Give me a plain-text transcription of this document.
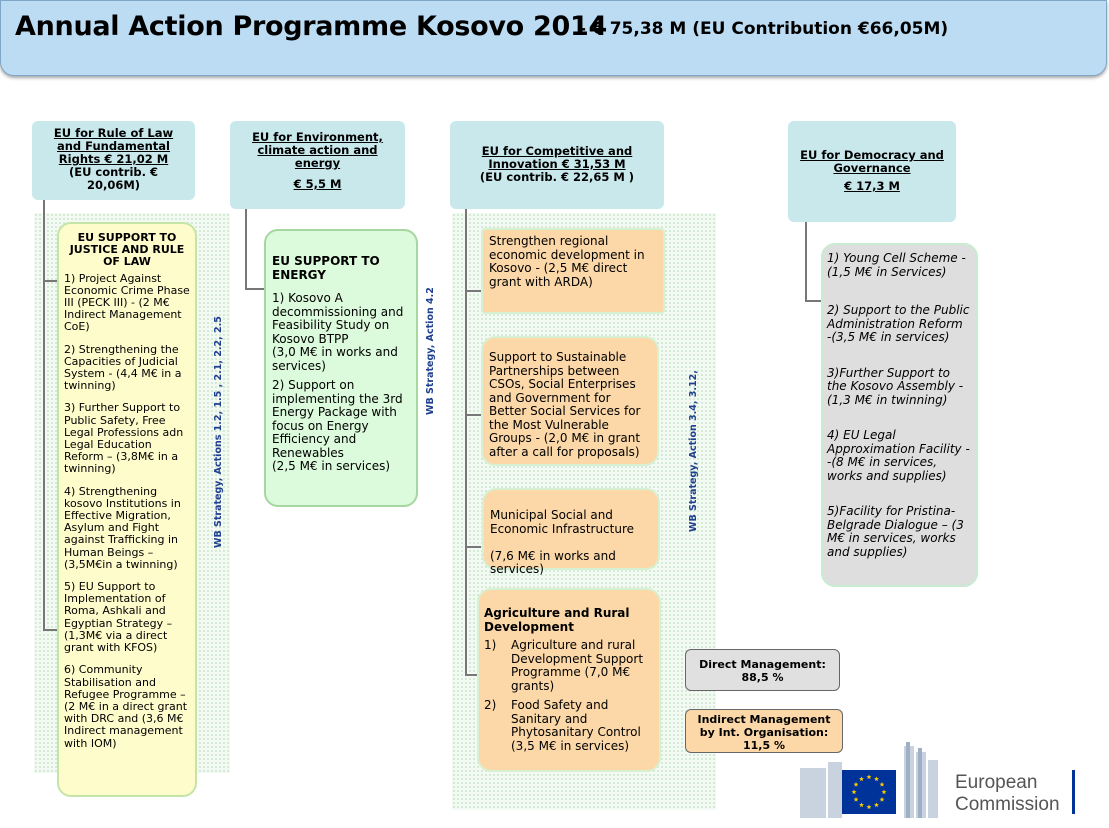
Annual Action Programme Kosovo 2014
- € 75,38 M (EU Contribution €66,05M)
EU for Rule of Law
and Fundamental
Rights € 21,02 M
(EU contrib. €
20,06M)
EU SUPPORT TO
JUSTICE AND RULE
OF LAW
1) Project Against
Economic Crime Phase
III (PECK III) - (2 M€
Indirect Management
CoE)
2) Strengthening the
Capacities of Judicial
System - (4,4 M€ in a
twinning)
3) Further Support to
Public Safety, Free
Legal Professions adn
Legal Education
Reform – (3,8M€ in a
twinning)
4) Strengthening
kosovo Institutions in
Effective Migration,
Asylum and Fight
against Trafficking in
Human Beings –
(3,5M€in a twinning)
5) EU Support to
Implementation of
Roma, Ashkali and
Egyptian Strategy –
(1,3M€ via a direct
grant with KFOS)
6) Community
Stabilisation and
Refugee Programme –
(2 M€ in a direct grant
with DRC and (3,6 M€
Indirect management
with IOM)
WB Strategy, Actions 1.2, 1.5 , 2.1, 2.2, 2.5
EU for Environment,
climate action and
energy
€ 5,5 M
EU SUPPORT TO
ENERGY
1) Kosovo A
decommissioning and
Feasibility Study on
Kosovo BTPP
(3,0 M€ in works and
services)
2) Support on
implementing the 3rd
Energy Package with
focus on Energy
Efficiency and
Renewables
(2,5 M€ in services)
WB Strategy, Action 4.2
EU for Competitive and
Innovation € 31,53 M
(EU contrib. € 22,65 M )
Strengthen regional
economic development in
Kosovo - (2,5 M€ direct
grant with ARDA)
Support to Sustainable
Partnerships between
CSOs, Social Enterprises
and Government for
Better Social Services for
the Most Vulnerable
Groups - (2,0 M€ in grant
after a call for proposals)
Municipal Social and
Economic Infrastructure

(7,6 M€ in works and
services)
Agriculture and Rural
Development
1)	Agriculture and rural
Development Support
Programme (7,0 M€
grants)
2)	Food Safety and
Sanitary and
Phytosanitary Control
(3,5 M€ in services)
WB Strategy, Action 3.4, 3.12,
EU for Democracy and
Governance
€ 17,3 M
1) Young Cell Scheme -
(1,5 M€ in Services)
2) Support to the Public
Administration Reform
-(3,5 M€ in services)
3)Further Support to
the Kosovo Assembly -
(1,3 M€ in twinning)
4) EU Legal
Approximation Facility -
-(8 M€ in services,
works and supplies)
5)Facility for Pristina-
Belgrade Dialogue – (3
M€ in services, works
and supplies)
Direct Management:
88,5 %
Indirect Management
by Int. Organisation:
11,5 %
European
Commission
